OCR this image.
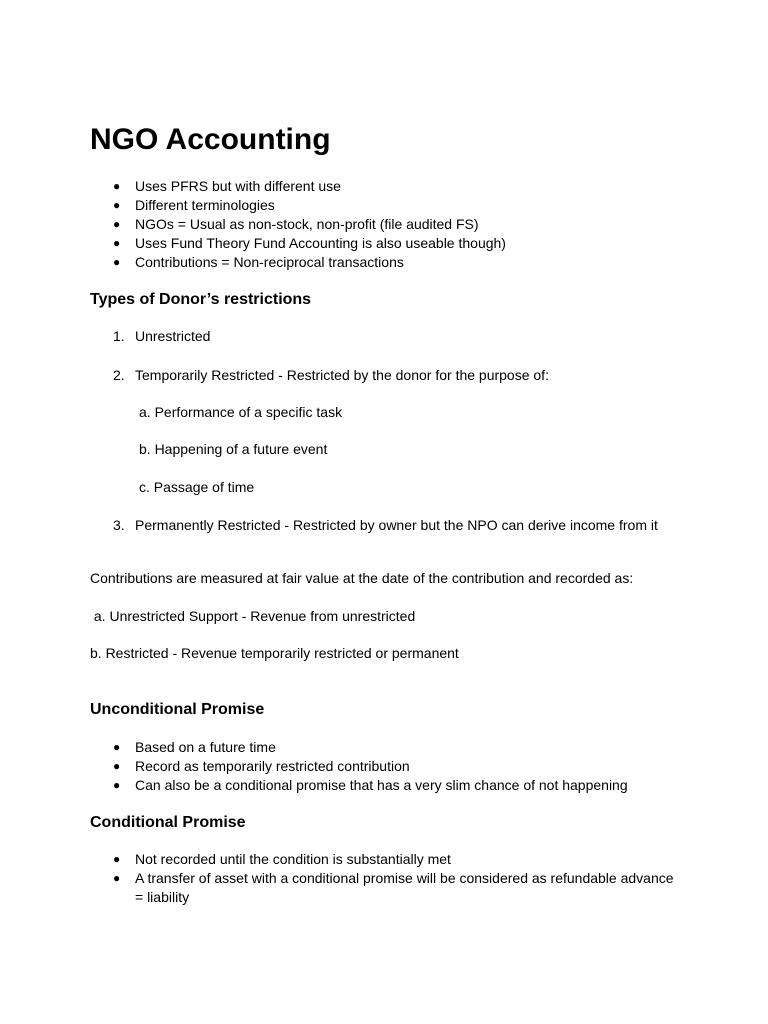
NGO Accounting
● Uses PFRS but with different use
● Different terminologies
● NGOs = Usual as non-stock, non-profit (file audited FS)
● Uses Fund Theory Fund Accounting is also useable though)
● Contributions = Non-reciprocal transactions
Types of Donor’s restrictions
1. Unrestricted
2. Temporarily Restricted - Restricted by the donor for the purpose of:
a. Performance of a specific task
b. Happening of a future event
c. Passage of time
3. Permanently Restricted - Restricted by owner but the NPO can derive income from it
Contributions are measured at fair value at the date of the contribution and recorded as:
a. Unrestricted Support - Revenue from unrestricted
b. Restricted - Revenue temporarily restricted or permanent
Unconditional Promise
● Based on a future time
● Record as temporarily restricted contribution
● Can also be a conditional promise that has a very slim chance of not happening
Conditional Promise
● Not recorded until the condition is substantially met
● A transfer of asset with a conditional promise will be considered as refundable advance
= liability
